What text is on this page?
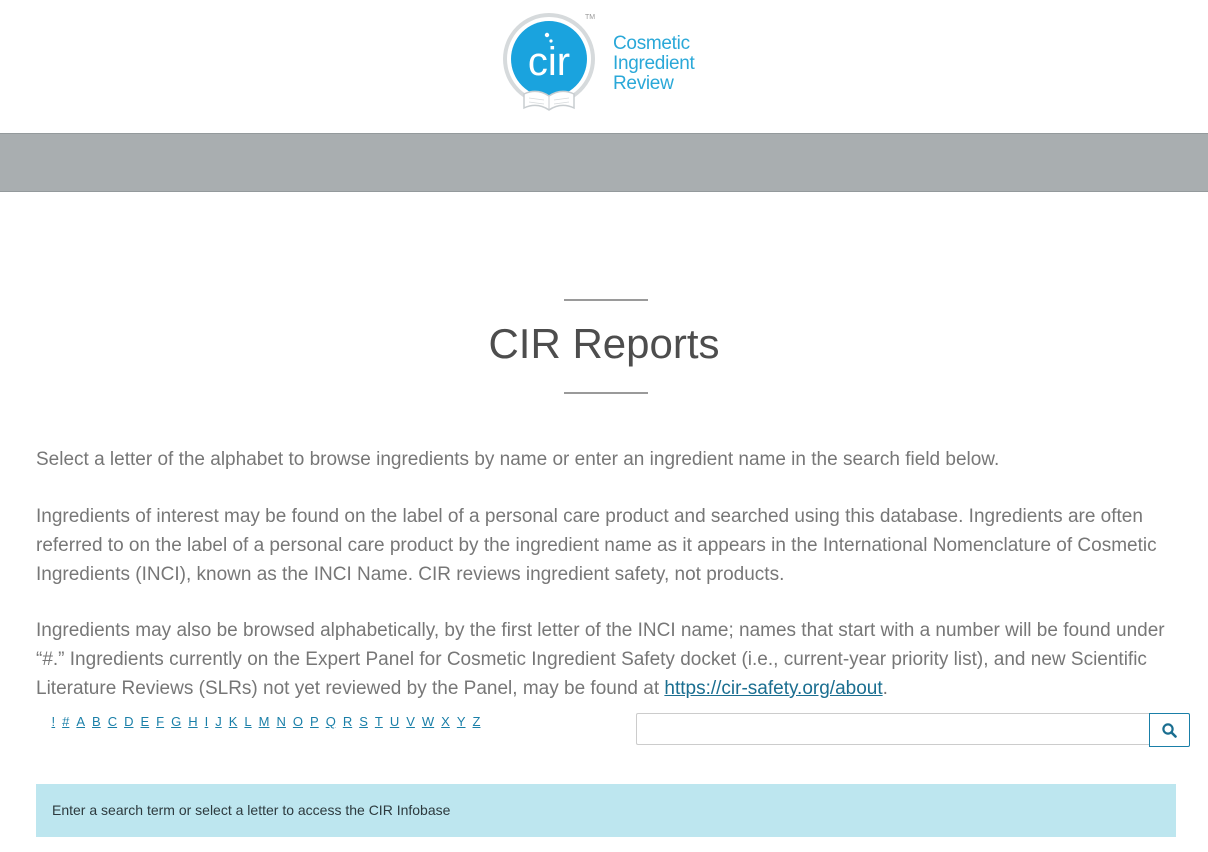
cir
TM
Cosmetic
Ingredient
Review
CIR Reports

Select a letter of the alphabet to browse ingredients by name or enter an ingredient name in the search field below.

Ingredients of interest may be found on the label of a personal care product and searched using this database. Ingredients are often referred to on the label of a personal care product by the ingredient name as it appears in the International Nomenclature of Cosmetic Ingredients (INCI), known as the INCI Name. CIR reviews ingredient safety, not products.

Ingredients may also be browsed alphabetically, by the first letter of the INCI name; names that start with a number will be found under “#.” Ingredients currently on the Expert Panel for Cosmetic Ingredient Safety docket (i.e., current-year priority list), and new Scientific Literature Reviews (SLRs) not yet reviewed by the Panel, may be found at https://cir-safety.org/about.

! # A B C D E F G H I J K L M N O P Q R S T U V W X Y Z
Enter a search term or select a letter to access the CIR Infobase
